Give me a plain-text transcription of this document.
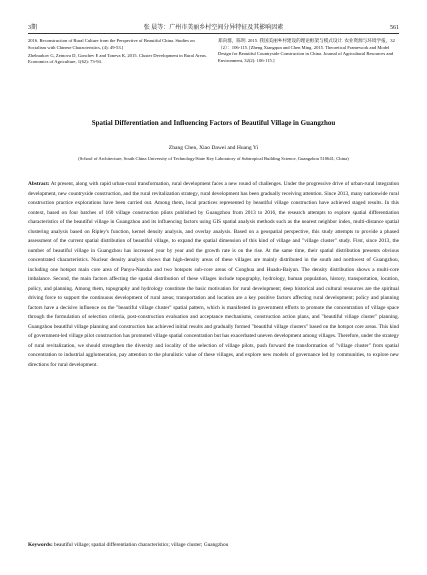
3期	张 晨等：广州市美丽乡村空间分异特征及其影响因素	561

2016. Reconstruction of Rural Culture from the Perspective of Beautiful China. Studies on Socialism with Chinese Characteristics, (4): 49-53.]

Zhelnarkov G, Zeinova D, Gonchev E and Toneva K, 2015. Cluster Development in Rural Areas. Economics of Agriculture, 1(62): 73-94.

郑向群，陈明. 2015. 我国美丽乡村建设的理论框架与模式设计. 农业资源与环境学报，32（2）：106-115. [Zheng Xiangqun and Chen Ming. 2015. Theoretical Framework and Model Design for Beautiful Countryside Construction in China. Journal of Agricultural Resources and Environment, 32(2): 106-115.]

Spatial Differentiation and Influencing Factors of Beautiful Village in Guangzhou
Zhang Chen, Xiao Dawei and Huang Yi
(School of Architecture, South China University of Technology/State Key Laboratory of Subtropical Building Science, Guangzhou 510641, China)
Abstract: At present, along with rapid urban-rural transformation, rural development faces a new round of challenges. Under the progressive drive of urban-rural integration development, new countryside construction, and the rural revitalization strategy, rural development has been gradually receiving attention. Since 2013, many nationwide rural construction practice explorations have been carried out. Among them, local practices represented by beautiful village construction have achieved staged results. In this context, based on four batches of 160 village construction pilots published by Guangzhou from 2013 to 2016, the research attempts to explore spatial differentiation characteristics of the beautiful village in Guangzhou and its influencing factors using GIS spatial analysis methods such as the nearest neighbor index, multi-distance spatial clustering analysis based on Ripley's function, kernel density analysis, and overlay analysis. Based on a geospatial perspective, this study attempts to provide a phased assessment of the current spatial distribution of beautiful village, to expand the spatial dimension of this kind of village and "village cluster" study. First, since 2013, the number of beautiful village in Guangzhou has increased year by year and the growth rate is on the rise. At the same time, their spatial distribution presents obvious concentrated characteristics. Nuclear density analysis shows that high-density areas of these villages are mainly distributed in the south and northwest of Guangzhou, including one hotspot main core area of Panyu-Nansha and two hotspots sub-core areas of Conghua and Huadu-Baiyun. The density distribution shows a multi-core imbalance. Second, the main factors affecting the spatial distribution of these villages include topography, hydrology, human population, history, transportation, location, policy, and planning. Among them, topography and hydrology constitute the basic motivation for rural development; deep historical and cultural resources are the spiritual driving force to support the continuous development of rural areas; transportation and location are a key positive factors affecting rural development; policy and planning factors have a decisive influence on the "beautiful village cluster" spatial pattern, which is manifested in government efforts to promote the concentration of village space through the formulation of selection criteria, post-construction evaluation and acceptance mechanisms, construction action plans, and "beautiful village cluster" planning. Guangzhou beautiful village planning and construction has achieved initial results and gradually formed "beautiful village clusters" based on the hotspot core areas. This kind of government-led village pilot construction has promoted village spatial concentration but has exacerbated uneven development among villages. Therefore, under the strategy of rural revitalization, we should strengthen the diversity and locality of the selection of village pilots, push forward the transformation of "village cluster" from spatial concentration to industrial agglomeration, pay attention to the pluralistic value of these villages, and explore new models of governance led by communities, to explore new directions for rural development.
Keywords: beautiful village; spatial differentiation characteristics; village cluster; Guangzhou
